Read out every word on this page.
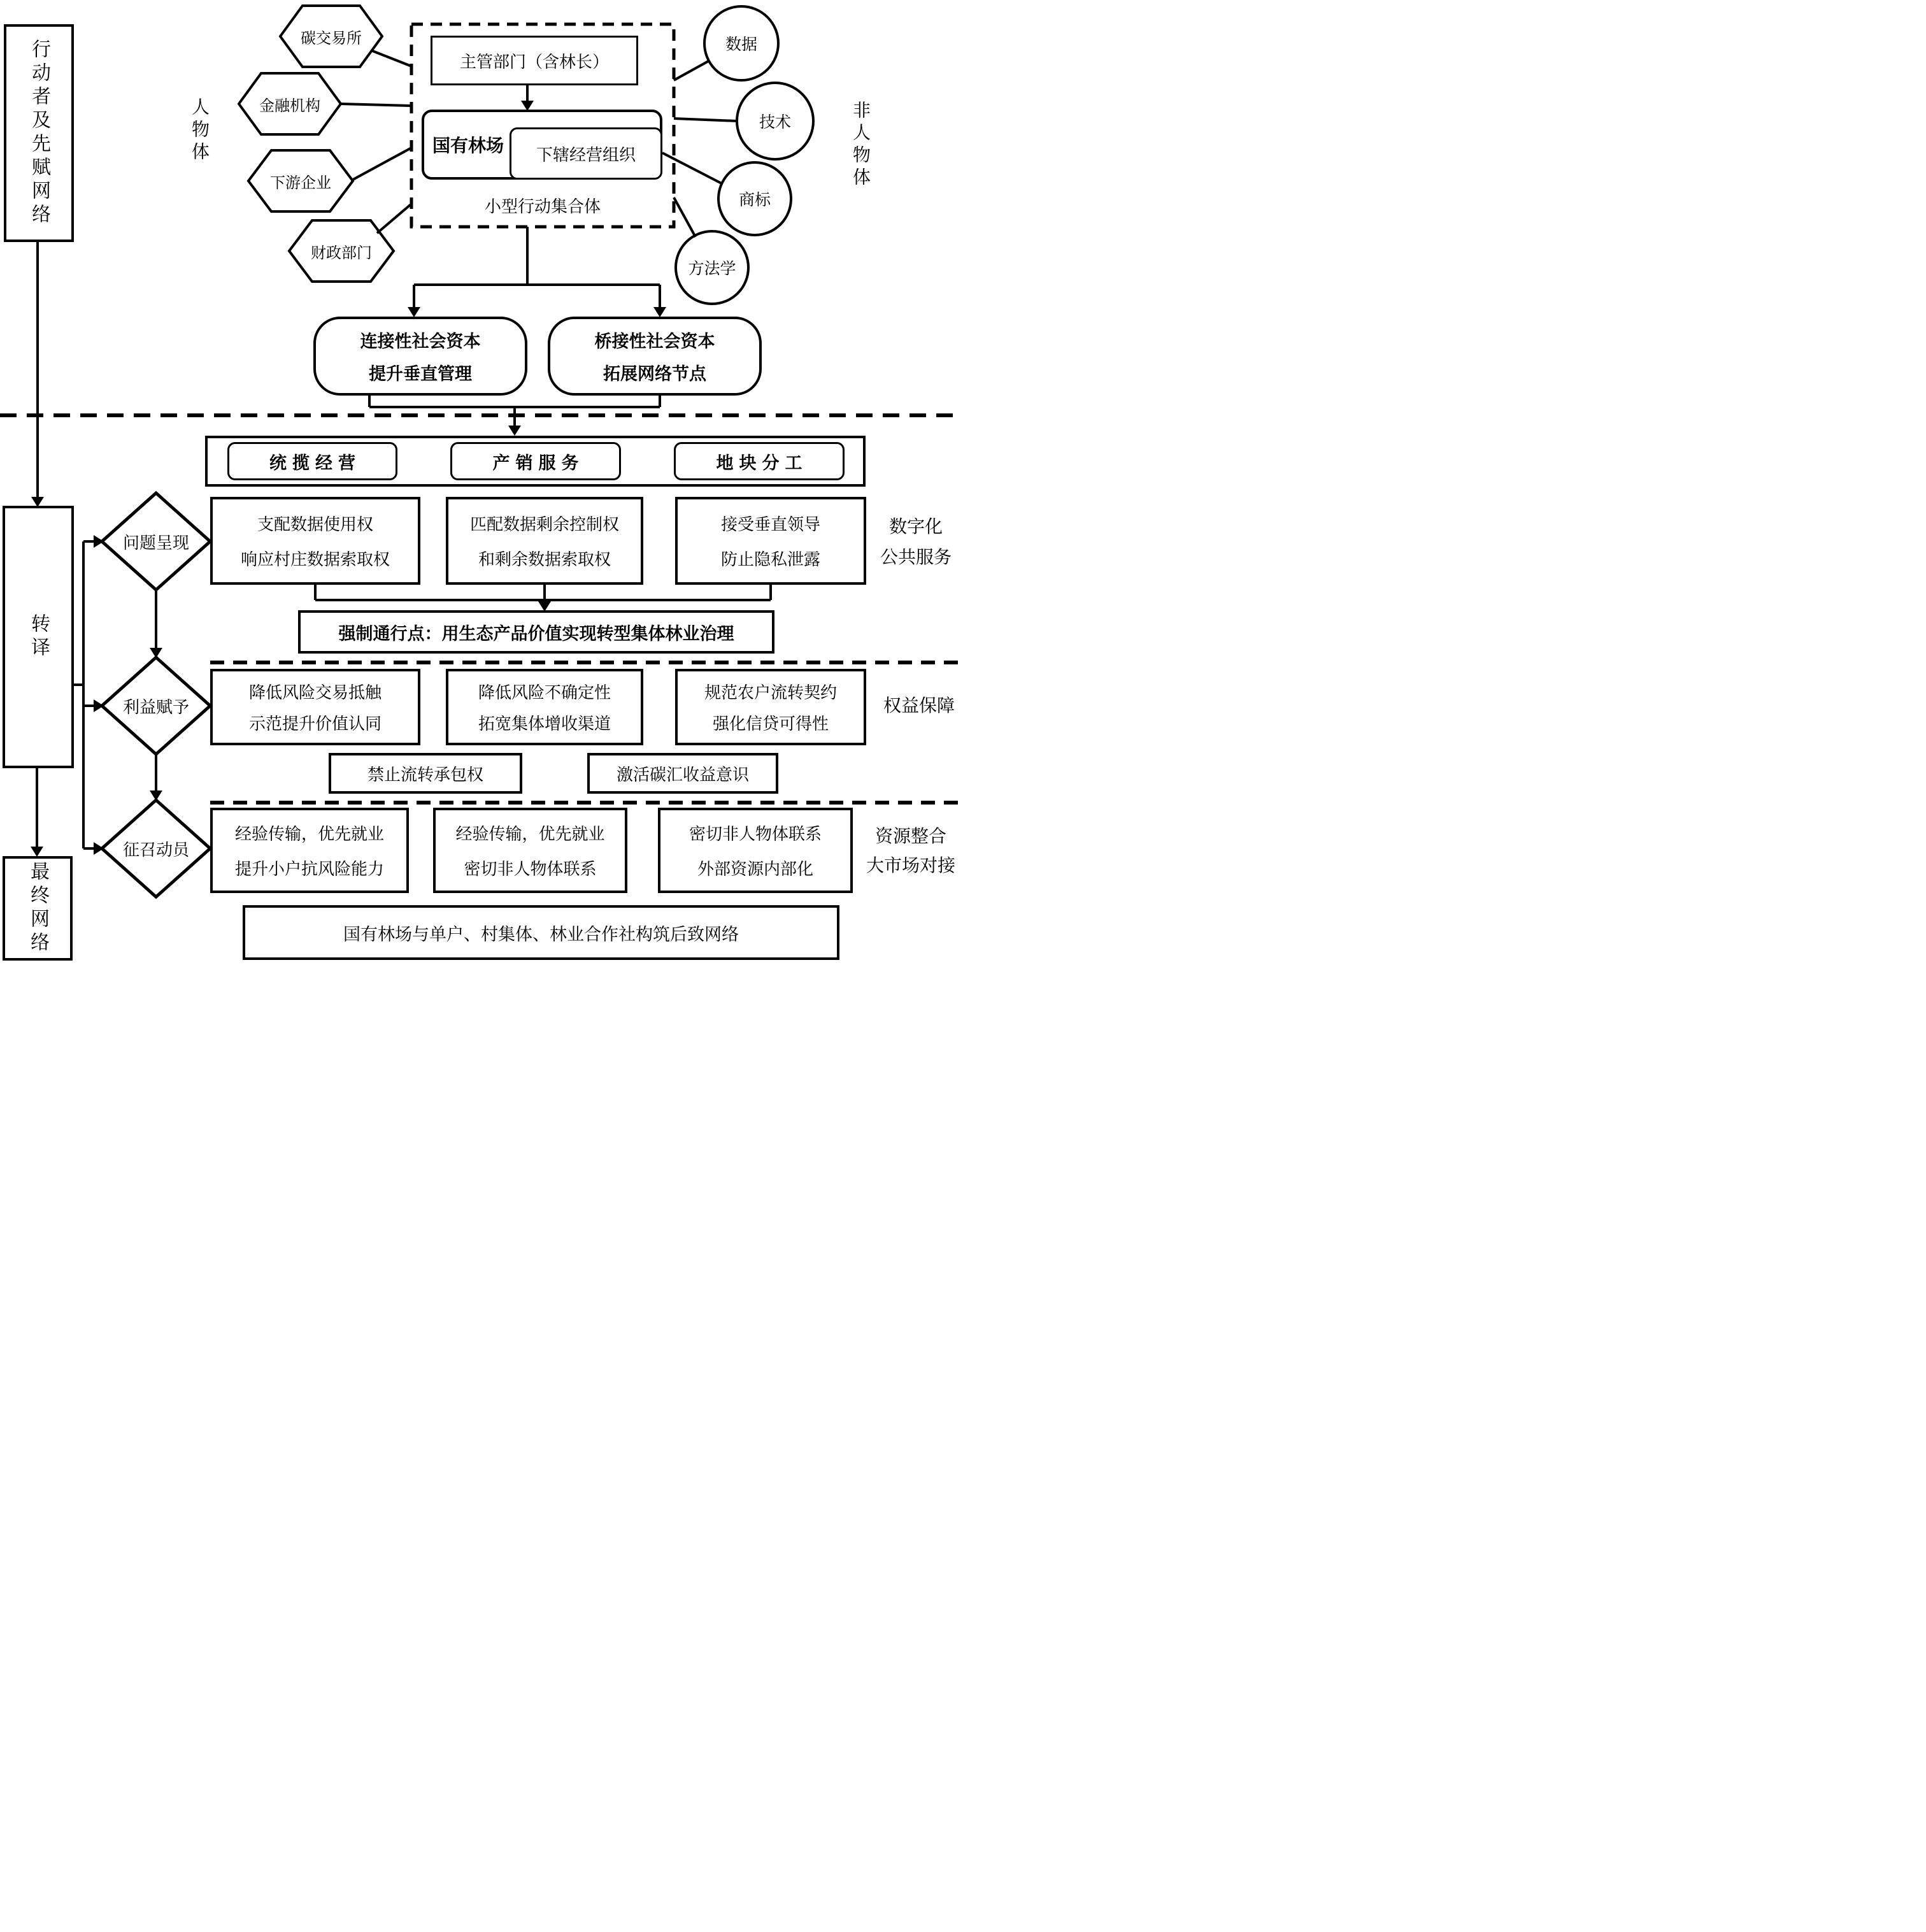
行动者及先赋网络
转译
最终网络
人物体	非人物体
碳交易所
金融机构
下游企业
财政部门
数据
技术
商标
方法学
主管部门（含林长）
国有林场	下辖经营组织
小型行动集合体
连接性社会资本
提升垂直管理
桥接性社会资本
拓展网络节点
问题呈现
利益赋予
征召动员
统揽经营	产销服务	地块分工
支配数据使用权
响应村庄数据索取权
匹配数据剩余控制权
和剩余数据索取权
接受垂直领导
防止隐私泄露
数字化
公共服务
强制通行点：用生态产品价值实现转型集体林业治理
降低风险交易抵触
示范提升价值认同
降低风险不确定性
拓宽集体增收渠道
规范农户流转契约
强化信贷可得性
权益保障
禁止流转承包权	激活碳汇收益意识
经验传输，优先就业
提升小户抗风险能力
经验传输，优先就业
密切非人物体联系
密切非人物体联系
外部资源内部化
资源整合
大市场对接
国有林场与单户、村集体、林业合作社构筑后致网络
